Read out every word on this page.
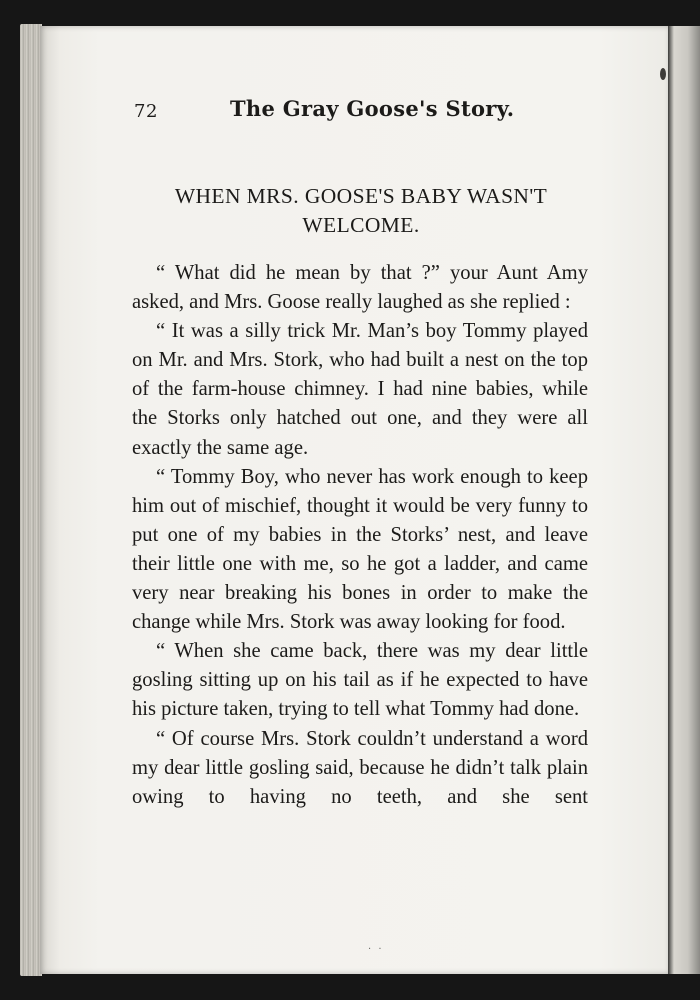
72	The Gray Goose's Story.
WHEN MRS. GOOSE'S BABY WASN'T
WELCOME.

“ What did he mean by that ?” your Aunt Amy asked, and Mrs. Goose really laughed as she replied :

“ It was a silly trick Mr. Man’s boy Tommy played on Mr. and Mrs. Stork, who had built a nest on the top of the farm-house chimney. I had nine babies, while the Storks only hatched out one, and they were all exactly the same age.

“ Tommy Boy, who never has work enough to keep him out of mischief, thought it would be very funny to put one of my babies in the Storks’ nest, and leave their little one with me, so he got a ladder, and came very near breaking his bones in order to make the change while Mrs. Stork was away looking for food.

“ When she came back, there was my dear little gosling sitting up on his tail as if he expected to have his picture taken, trying to tell what Tommy had done.

“ Of course Mrs. Stork couldn’t understand a word my dear little gosling said, because he didn’t talk plain owing to having no teeth, and she sent

· ·
